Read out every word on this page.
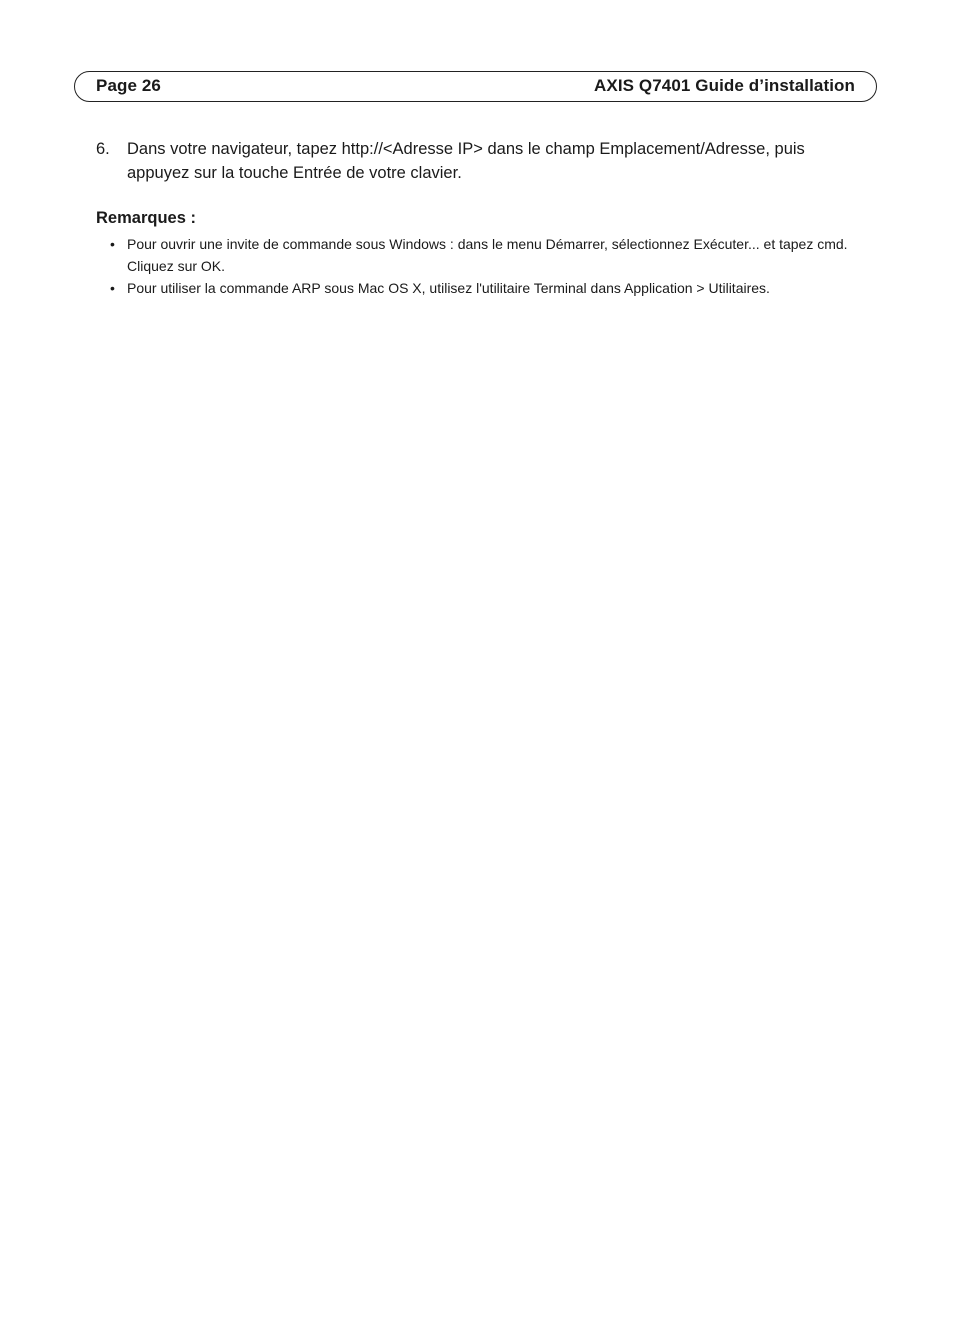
Page 26	AXIS Q7401 Guide d’installation
6. Dans votre navigateur, tapez http://<Adresse IP> dans le champ Emplacement/Adresse, puis appuyez sur la touche Entrée de votre clavier.
Remarques :
• Pour ouvrir une invite de commande sous Windows : dans le menu Démarrer, sélectionnez Exécuter... et tapez cmd. Cliquez sur OK.
• Pour utiliser la commande ARP sous Mac OS X, utilisez l'utilitaire Terminal dans Application > Utilitaires.
